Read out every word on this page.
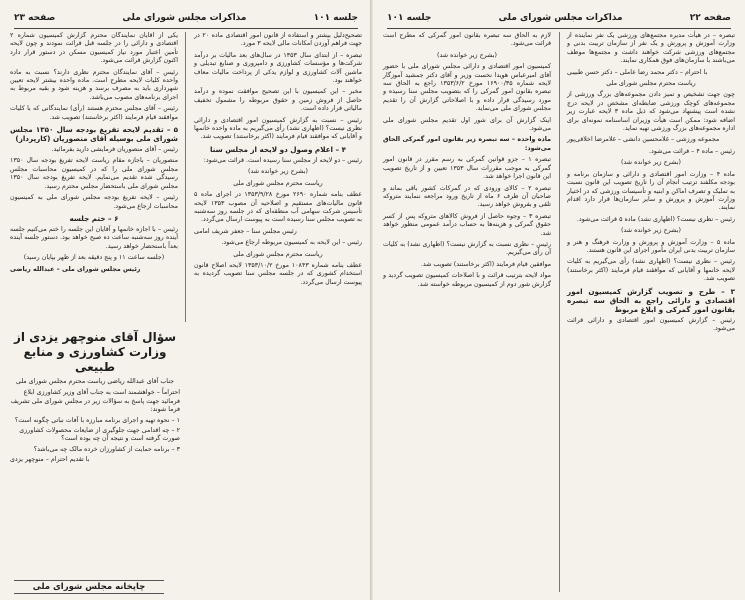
جلسه ۱۰۱
مذاکرات مجلس شورای ملی
صفحه ۲۳

تصحیح‌دلیل بیشتر و استفاده از قانون امور اقتصادی ماده ۲۰ در جهت فراهم آوردن امکانات مالی لایحه ۳ مورد.

تبصره – از ابتدای سال ۱۳۵۳ در سال‌های بعد مالیات بر درآمد شرکت‌ها و مؤسسات کشاورزی و دامپروری و صنایع تبدیلی و ماشین آلات کشاورزی و لوازم یدکی از پرداخت مالیات معاف خواهند بود.

مخبر – این کمیسیون با این تصحیح موافقت نموده و درآمد حاصل از فروش زمین و حقوق مربوطه را مشمول تخفیف مالیاتی قرار داده است.

رئیس – نسبت به گزارش کمیسیون امور اقتصادی و دارائی نظری نیست؟ (اظهاری نشد) رأی می‌گیریم به ماده واحده خانمها و آقایانی که موافقند قیام فرمایند (اکثر برخاستند) تصویب شد.

۴ – اعلام وصول دو لایحه از مجلس سنا

رئیس – دو لایحه از مجلس سنا رسیده است. قرائت می‌شود:

(بشرح زیر خوانده شد)

ریاست محترم مجلس شورای ملی

عطف بنامه شماره ۲۶۹۰ مورخ ۱۳۵۳/۹/۲۸ در اجرای ماده ۵ قانون مالیات‌های مستقیم و اصلاحیه آن مصوب ۱۳۵۳ لایحه تأسیس شرکت سهامی آب منطقه‌ای که در جلسه روز سه‌شنبه به تصویب مجلس سنا رسیده است به پیوست ارسال می‌گردد.

رئیس مجلس سنا – جعفر شریف امامی

رئیس – این لایحه به کمیسیون مربوطه ارجاع می‌شود.

ریاست محترم مجلس شورای ملی

عطف بنامه شماره ۱۰۸۴۳ مورخ ۱۳۵۳/۱۰/۲ لایحه اصلاح قانون استخدام کشوری که در جلسه مجلس سنا تصویب گردیده به پیوست ارسال می‌گردد.

یکی از آقایان نمایندگان محترم گزارش کمیسیون شماره ۲ اقتصادی و دارائی را در جلسه قبل قرائت نمودند و چون لایحه تأمین اعتبار مورد نیاز کمیسیون مسکن در دستور قرار دارد اکنون گزارش قرائت می‌شود.

رئیس – آقای نمایندگان محترم نظری دارند؟ نسبت به ماده واحده کلیات لایحه مطرح است. ماده واحده بیشتر لایحه تعیین شهرداری باید به مصرف برسد و هزینه شود و بقیه مربوط به اجرای برنامه‌های مصوب می‌باشد.

رئیس – آقای مجلس محترم هستند (رأی) نمایندگانی که با کلیات موافقند قیام فرمایند (اکثر برخاستند) تصویب شد.

۵ – تقدیم لایحه تفریغ بودجه سال ۱۳۵۰ مجلس شورای ملی بوسیله آقای منصوریان (کارپرداز)

رئیس – آقای منصوریان فرمایشی دارید بفرمائید.

منصوریان – باجازه مقام ریاست لایحه تفریغ بودجه سال ۱۳۵۰ مجلس شورای ملی را که در کمیسیون محاسبات مجلس رسیدگی شده تقدیم می‌نمایم. لایحه تفریغ بودجه سال ۱۳۵۰ مجلس شورای ملی باستحضار مجلس محترم رسید.

رئیس – لایحه تفریغ بودجه مجلس شورای ملی به کمیسیون محاسبات ارجاع می‌شود.

۶ – ختم جلسه

رئیس – با اجازه خانمها و آقایان این جلسه را ختم می‌کنیم جلسه آینده روز سه‌شنبه ساعت ده صبح خواهد بود. دستور جلسه آینده بعداً باستحضار خواهد رسید.

(جلسه ساعت ۱۱ و پنج دقیقه بعد از ظهر بپایان رسید)

رئیس مجلس شورای ملی – عبدالله ریاضی

سؤال آقای منوچهر یزدی از وزارت کشاورزی و منابع طبیعی

جناب آقای عبدالله ریاضی ریاست محترم مجلس شورای ملی

احتراماً – خواهشمند است به جناب آقای وزیر کشاورزی ابلاغ فرمائید جهت پاسخ به سؤالات زیر در مجلس شورای ملی تشریف فرما شوند:

۱ – نحوه تهیه و اجرای برنامه مبارزه با آفات نباتی چگونه است؟

۲ – چه اقدامی جهت جلوگیری از ضایعات محصولات کشاورزی صورت گرفته است و نتیجه آن چه بوده است؟

۳ – برنامه حمایت از کشاورزان خرده مالک چه می‌باشد؟

با تقدیم احترام – منوچهر یزدی

چاپخانه مجلس شورای ملی
صفحه ۲۲
مذاکرات مجلس شورای ملی
جلسه ۱۰۱

تبصره – در هیأت مدیره مجتمع‌های ورزشی یک نفر نماینده از وزارت آموزش و پرورش و یک نفر از سازمان تربیت بدنی و مجتمع‌های ورزشی شرکت خواهند داشت و مجتمع‌ها موظف می‌باشند با سازمان‌های فوق همکاری نمایند.

با احترام – دکتر محمد رضا عاملی – دکتر حسن طبیبی

ریاست محترم مجلس شورای ملی

چون جهت تشخیص و تمیز دادن مجموعه‌های بزرگ ورزشی از مجموعه‌های کوچک ورزشی ضابطه‌ای مشخص در لایحه درج نشده است پیشنهاد می‌شود که ذیل ماده ۳ لایحه عبارت زیر اضافه شود: ممکن است هیأت وزیران اساسنامه نمونه‌ای برای اداره مجموعه‌های بزرگ ورزشی تهیه نماید.

مجموعه ورزشی – غلامحسین دانشی – غلامرضا اخلاقی‌پور

رئیس – ماده ۴ – قرائت می‌شود.

(بشرح زیر خوانده شد)

ماده ۴ – وزارت امور اقتصادی و دارائی و سازمان برنامه و بودجه مکلفند ترتیب انجام آن را تاریخ تصویب این قانون نسبت به تملیک و تصرف اماکن و ابنیه و تأسیسات ورزشی که در اختیار وزارت آموزش و پرورش و سایر سازمان‌ها قرار دارد اقدام نمایند.

رئیس – نظری نیست؟ (اظهاری نشد) ماده ۵ قرائت می‌شود.

(بشرح زیر خوانده شد)

ماده ۵ – وزارت آموزش و پرورش و وزارت فرهنگ و هنر و سازمان تربیت بدنی ایران مأمور اجرای این قانون هستند.

رئیس – نظری نیست؟ (اظهاری نشد) رأی می‌گیریم به کلیات لایحه خانمها و آقایانی که موافقند قیام فرمایند (اکثر برخاستند) تصویب شد.

۳ – طرح و تصویب گزارش کمیسیون امور اقتصادی و دارائی راجع به الحاق سه تبصره بقانون امور گمرکی و ابلاغ مربوط

رئیس – گزارش کمیسیون امور اقتصادی و دارائی قرائت می‌شود.

لازم به الحاق سه تبصره بقانون امور گمرکی که مطرح است قرائت می‌شود.

(بشرح زیر خوانده شد)

کمیسیون امور اقتصادی و دارائی مجلس شورای ملی با حضور آقای امیرعباس هویدا نخست وزیر و آقای دکتر جمشید آموزگار لایحه شماره ۱۶۹۰۰/۳۵ مورخ ۱۳۵۳/۶/۲ راجع به الحاق سه تبصره بقانون امور گمرکی را که بتصویب مجلس سنا رسیده و مورد رسیدگی قرار داده و با اصلاحاتی گزارش آن را تقدیم مجلس شورای ملی می‌نماید.

اینک گزارش آن برای شور اول تقدیم مجلس شورای ملی می‌شود.

ماده واحده – سه تبصره زیر بقانون امور گمرکی الحاق می‌شود:

تبصره ۱ – جزو قوانین گمرکی به رسم مقرر در قانون امور گمرکی به موجب مقررات سال ۱۳۵۳ تعیین و از تاریخ تصویب این قانون اجرا خواهد شد.

تبصره ۲ – کالای ورودی که در گمرکات کشور باقی بماند و صاحبان آن ظرف ۶ ماه از تاریخ ورود مراجعه ننمایند متروکه تلقی و بفروش خواهد رسید.

تبصره ۳ – وجوه حاصل از فروش کالاهای متروکه پس از کسر حقوق گمرکی و هزینه‌ها به حساب درآمد عمومی منظور خواهد شد.

رئیس – نظری نسبت به گزارش نیست؟ (اظهاری نشد) به کلیات آن رأی می‌گیریم.

موافقین قیام فرمایند (اکثر برخاستند) تصویب شد.

مواد لایحه بترتیب قرائت و با اصلاحات کمیسیون تصویب گردید و گزارش شور دوم از کمیسیون مربوطه خواسته شد.
